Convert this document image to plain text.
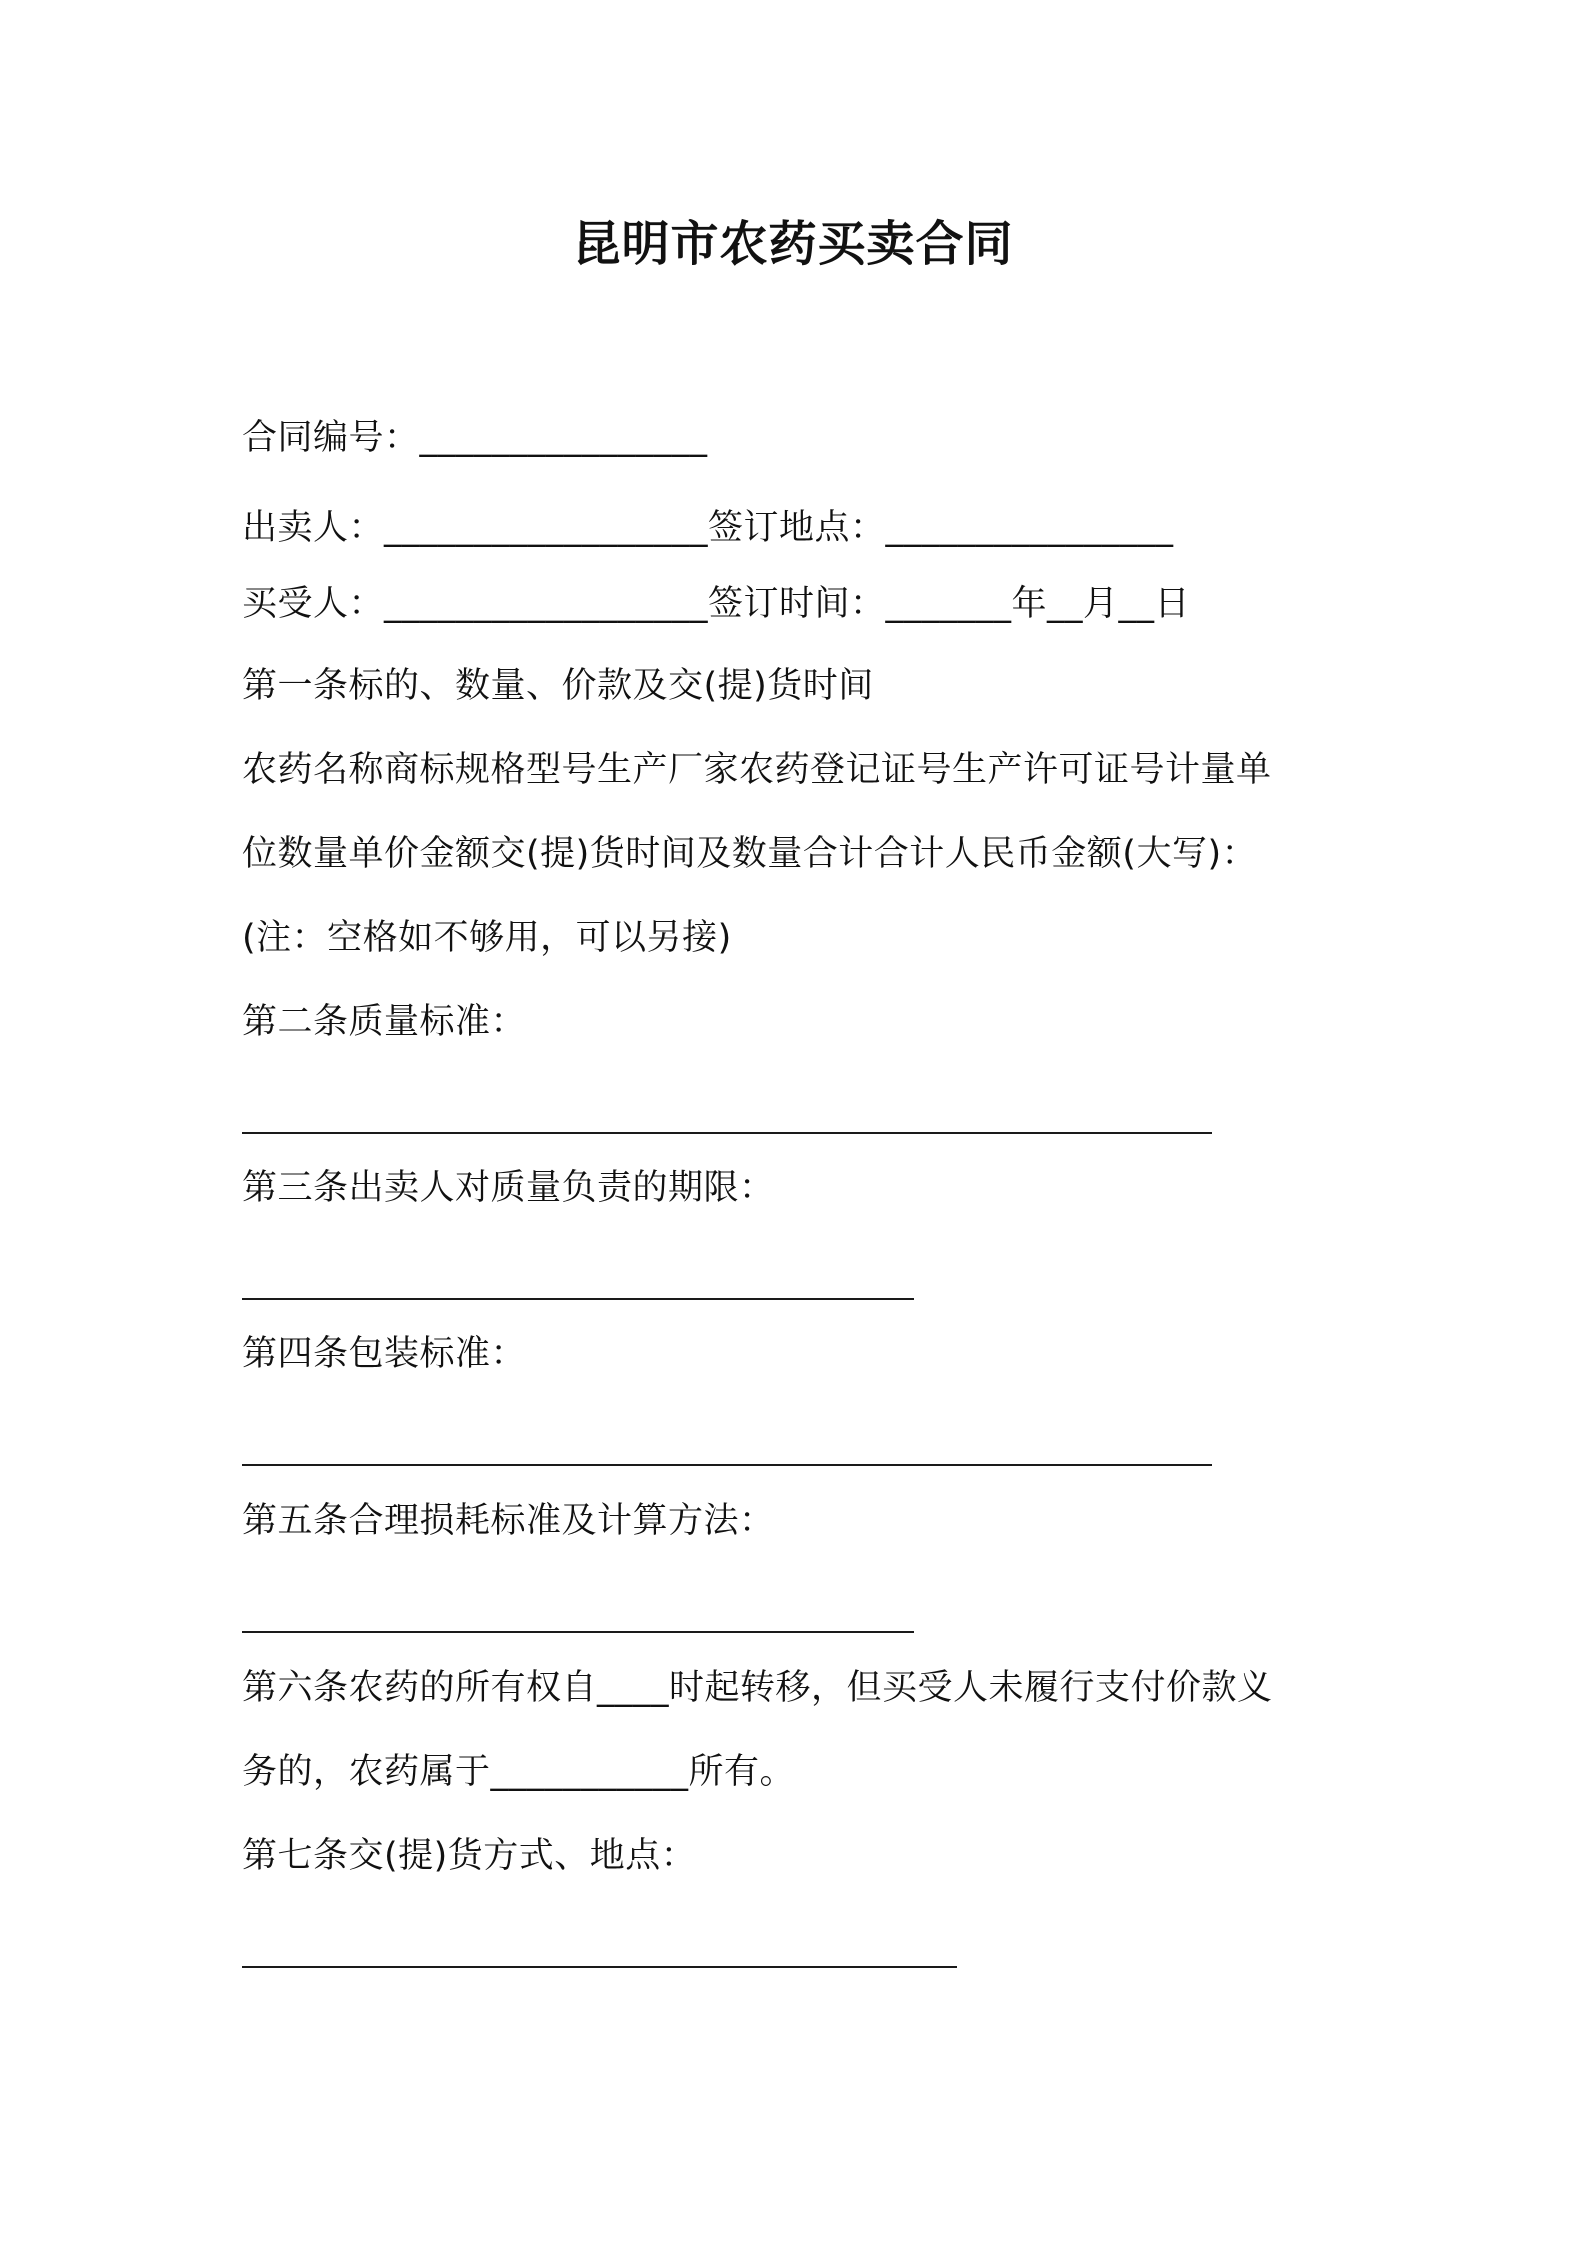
昆明市农药买卖合同
合同编号：________________
出卖人：__________________签订地点：________________
买受人：__________________签订时间：_______年__月__日
第一条标的、数量、价款及交(提)货时间
农药名称商标规格型号生产厂家农药登记证号生产许可证号计量单
位数量单价金额交(提)货时间及数量合计合计人民币金额(大写)：
(注：空格如不够用，可以另接)
第二条质量标准：
第三条出卖人对质量负责的期限：
第四条包装标准：
第五条合理损耗标准及计算方法：
第六条农药的所有权自____时起转移，但买受人未履行支付价款义
务的，农药属于___________所有。
第七条交(提)货方式、地点：
